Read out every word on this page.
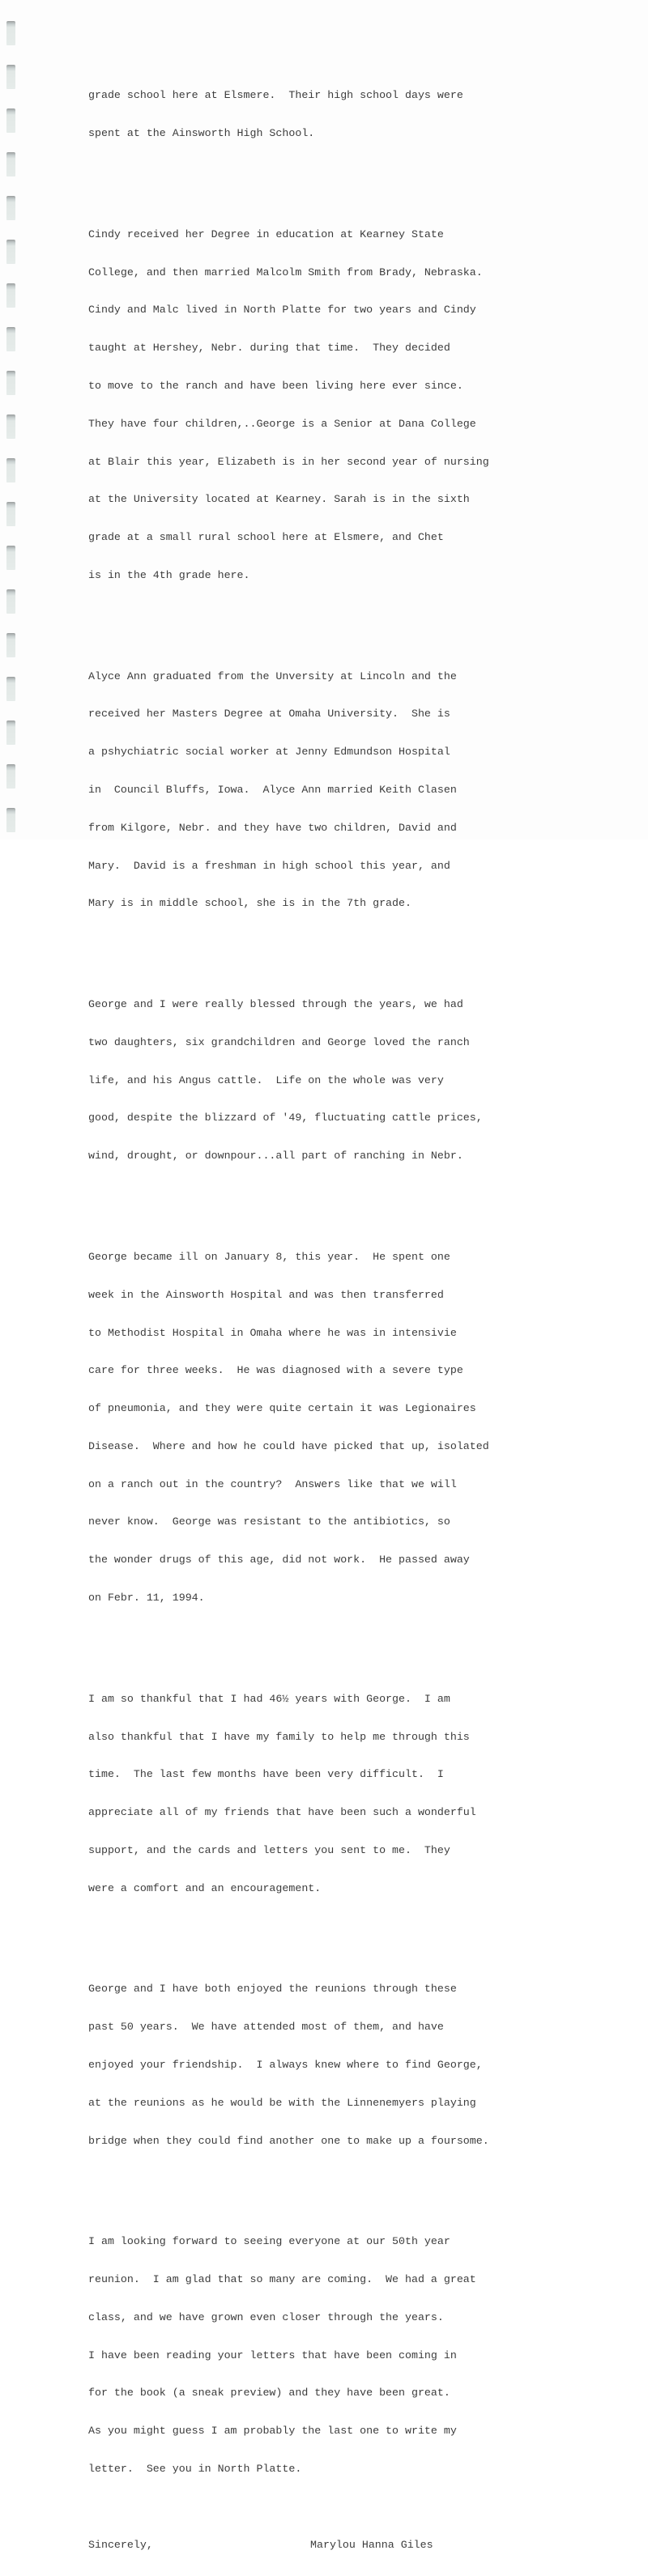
grade school here at Elsmere.  Their high school days were

spent at the Ainsworth High School.

Cindy received her Degree in education at Kearney State

College, and then married Malcolm Smith from Brady, Nebraska.

Cindy and Malc lived in North Platte for two years and Cindy

taught at Hershey, Nebr. during that time.  They decided

to move to the ranch and have been living here ever since.

They have four children,..George is a Senior at Dana College

at Blair this year, Elizabeth is in her second year of nursing

at the University located at Kearney. Sarah is in the sixth

grade at a small rural school here at Elsmere, and Chet

is in the 4th grade here.

Alyce Ann graduated from the Unversity at Lincoln and the

received her Masters Degree at Omaha University.  She is

a pshychiatric social worker at Jenny Edmundson Hospital

in  Council Bluffs, Iowa.  Alyce Ann married Keith Clasen

from Kilgore, Nebr. and they have two children, David and

Mary.  David is a freshman in high school this year, and

Mary is in middle school, she is in the 7th grade.

George and I were really blessed through the years, we had

two daughters, six grandchildren and George loved the ranch

life, and his Angus cattle.  Life on the whole was very

good, despite the blizzard of '49, fluctuating cattle prices,

wind, drought, or downpour...all part of ranching in Nebr.

George became ill on January 8, this year.  He spent one

week in the Ainsworth Hospital and was then transferred

to Methodist Hospital in Omaha where he was in intensivie

care for three weeks.  He was diagnosed with a severe type

of pneumonia, and they were quite certain it was Legionaires

Disease.  Where and how he could have picked that up, isolated

on a ranch out in the country?  Answers like that we will

never know.  George was resistant to the antibiotics, so

the wonder drugs of this age, did not work.  He passed away

on Febr. 11, 1994.

I am so thankful that I had 46½ years with George.  I am

also thankful that I have my family to help me through this

time.  The last few months have been very difficult.  I

appreciate all of my friends that have been such a wonderful

support, and the cards and letters you sent to me.  They

were a comfort and an encouragement.

George and I have both enjoyed the reunions through these

past 50 years.  We have attended most of them, and have

enjoyed your friendship.  I always knew where to find George,

at the reunions as he would be with the Linnenemyers playing

bridge when they could find another one to make up a foursome.

I am looking forward to seeing everyone at our 50th year

reunion.  I am glad that so many are coming.  We had a great

class, and we have grown even closer through the years.

I have been reading your letters that have been coming in

for the book (a sneak preview) and they have been great.

As you might guess I am probably the last one to write my

letter.  See you in North Platte.

Sincerely,	Marylou Hanna Giles
